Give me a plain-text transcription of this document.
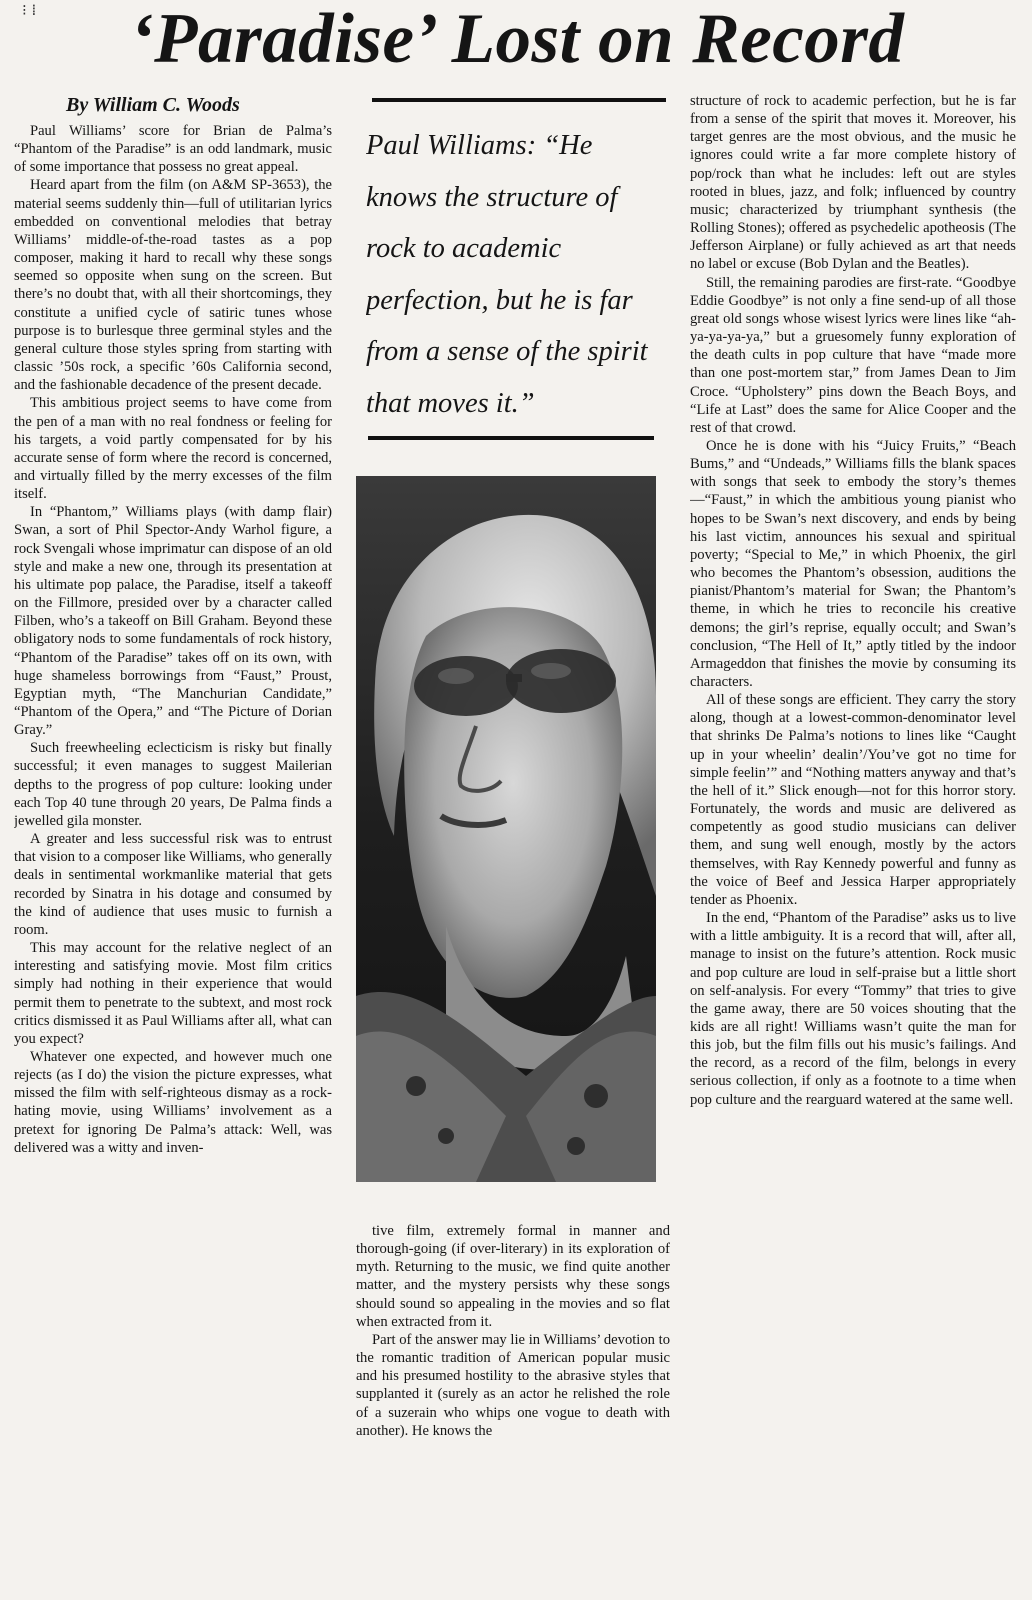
⁝ ⁞ ‘Paradise’ Lost on Record
By William C. Woods

Paul Williams’ score for Brian de Palma’s “Phantom of the Paradise” is an odd landmark, music of some importance that possess no great appeal.

Heard apart from the film (on A&M SP-3653), the material seems suddenly thin—full of utilitarian lyrics embedded on conventional melodies that betray Williams’ middle-of-the-road tastes as a pop composer, making it hard to recall why these songs seemed so opposite when sung on the screen. But there’s no doubt that, with all their shortcomings, they constitute a unified cycle of satiric tunes whose purpose is to burlesque three germinal styles and the general culture those styles spring from starting with classic ’50s rock, a specific ’60s California second, and the fashionable decadence of the present decade.

This ambitious project seems to have come from the pen of a man with no real fondness or feeling for his targets, a void partly compensated for by his accurate sense of form where the record is concerned, and virtually filled by the merry excesses of the film itself.

In “Phantom,” Williams plays (with damp flair) Swan, a sort of Phil Spector-Andy Warhol figure, a rock Svengali whose imprimatur can dispose of an old style and make a new one, through its presentation at his ultimate pop palace, the Paradise, itself a takeoff on the Fillmore, presided over by a character called Filben, who’s a takeoff on Bill Graham. Beyond these obligatory nods to some fundamentals of rock history, “Phantom of the Paradise” takes off on its own, with huge shameless borrowings from “Faust,” Proust, Egyptian myth, “The Manchurian Candidate,” “Phantom of the Opera,” and “The Picture of Dorian Gray.”

Such freewheeling eclecticism is risky but finally successful; it even manages to suggest Mailerian depths to the progress of pop culture: looking under each Top 40 tune through 20 years, De Palma finds a jewelled gila monster.

A greater and less successful risk was to entrust that vision to a composer like Williams, who generally deals in sentimental workmanlike material that gets recorded by Sinatra in his dotage and consumed by the kind of audience that uses music to furnish a room.

This may account for the relative neglect of an interesting and satisfying movie. Most film critics simply had nothing in their experience that would permit them to penetrate to the subtext, and most rock critics dismissed it as Paul Williams after all, what can you expect?

Whatever one expected, and however much one rejects (as I do) the vision the picture expresses, what missed the film with self-righteous dismay as a rock-hating movie, using Williams’ involvement as a pretext for ignoring De Palma’s attack: Well, was delivered was a witty and inven-

Paul Williams: “He knows the structure of rock to academic perfection, but he is far from a sense of the spirit that moves it.”

tive film, extremely formal in manner and thorough-going (if over-literary) in its exploration of myth. Returning to the music, we find quite another matter, and the mystery persists why these songs should sound so appealing in the movies and so flat when extracted from it.

Part of the answer may lie in Williams’ devotion to the romantic tradition of American popular music and his presumed hostility to the abrasive styles that supplanted it (surely as an actor he relished the role of a suzerain who whips one vogue to death with another). He knows the

structure of rock to academic perfection, but he is far from a sense of the spirit that moves it. Moreover, his target genres are the most obvious, and the music he ignores could write a far more complete history of pop/rock than what he includes: left out are styles rooted in blues, jazz, and folk; influenced by country music; characterized by triumphant synthesis (the Rolling Stones); offered as psychedelic apotheosis (The Jefferson Airplane) or fully achieved as art that needs no label or excuse (Bob Dylan and the Beatles).

Still, the remaining parodies are first-rate. “Goodbye Eddie Goodbye” is not only a fine send-up of all those great old songs whose wisest lyrics were lines like “ah-ya-ya-ya-ya,” but a gruesomely funny exploration of the death cults in pop culture that have “made more than one post-mortem star,” from James Dean to Jim Croce. “Upholstery” pins down the Beach Boys, and “Life at Last” does the same for Alice Cooper and the rest of that crowd.

Once he is done with his “Juicy Fruits,” “Beach Bums,” and “Undeads,” Williams fills the blank spaces with songs that seek to embody the story’s themes—“Faust,” in which the ambitious young pianist who hopes to be Swan’s next discovery, and ends by being his last victim, announces his sexual and spiritual poverty; “Special to Me,” in which Phoenix, the girl who becomes the Phantom’s obsession, auditions the pianist/Phantom’s material for Swan; the Phantom’s theme, in which he tries to reconcile his creative demons; the girl’s reprise, equally occult; and Swan’s conclusion, “The Hell of It,” aptly titled by the indoor Armageddon that finishes the movie by consuming its characters.

All of these songs are efficient. They carry the story along, though at a lowest-common-denominator level that shrinks De Palma’s notions to lines like “Caught up in your wheelin’ dealin’/You’ve got no time for simple feelin’” and “Nothing matters anyway and that’s the hell of it.” Slick enough—not for this horror story. Fortunately, the words and music are delivered as competently as good studio musicians can deliver them, and sung well enough, mostly by the actors themselves, with Ray Kennedy powerful and funny as the voice of Beef and Jessica Harper appropriately tender as Phoenix.

In the end, “Phantom of the Paradise” asks us to live with a little ambiguity. It is a record that will, after all, manage to insist on the future’s attention. Rock music and pop culture are loud in self-praise but a little short on self-analysis. For every “Tommy” that tries to give the game away, there are 50 voices shouting that the kids are all right! Williams wasn’t quite the man for this job, but the film fills out his music’s failings. And the record, as a record of the film, belongs in every serious collection, if only as a footnote to a time when pop culture and the rearguard watered at the same well.
